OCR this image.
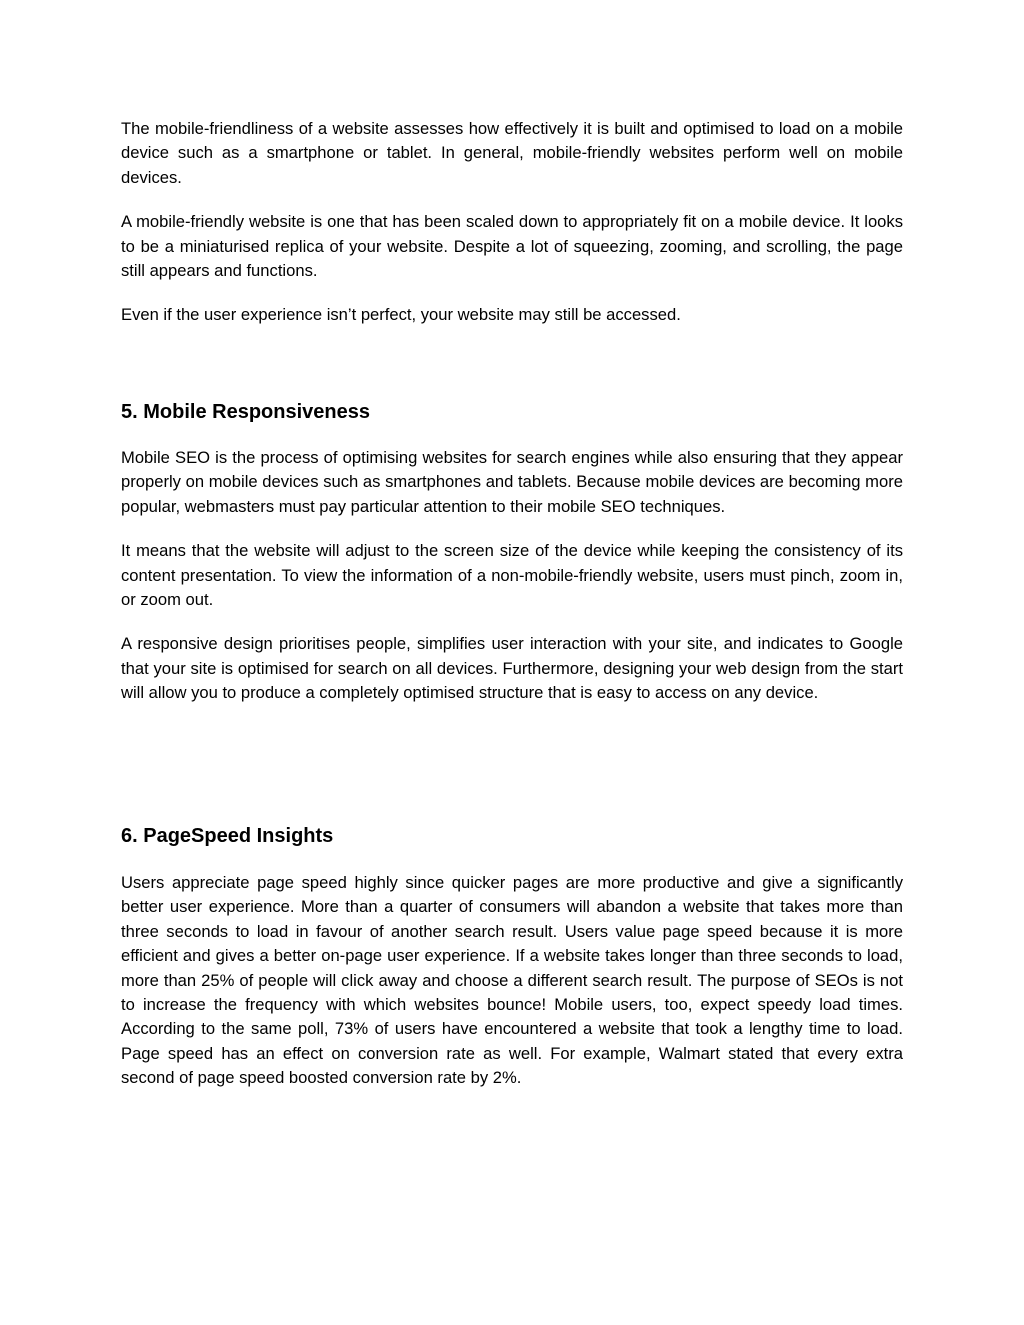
The mobile-friendliness of a website assesses how effectively it is built and optimised to load on a mobile device such as a smartphone or tablet. In general, mobile-friendly websites perform well on mobile devices.

A mobile-friendly website is one that has been scaled down to appropriately fit on a mobile device. It looks to be a miniaturised replica of your website. Despite a lot of squeezing, zooming, and scrolling, the page still appears and functions.

Even if the user experience isn’t perfect, your website may still be accessed.

5. Mobile Responsiveness

Mobile SEO is the process of optimising websites for search engines while also ensuring that they appear properly on mobile devices such as smartphones and tablets. Because mobile devices are becoming more popular, webmasters must pay particular attention to their mobile SEO techniques.

It means that the website will adjust to the screen size of the device while keeping the consistency of its content presentation. To view the information of a non-mobile-friendly website, users must pinch, zoom in, or zoom out.

A responsive design prioritises people, simplifies user interaction with your site, and indicates to Google that your site is optimised for search on all devices. Furthermore, designing your web design from the start will allow you to produce a completely optimised structure that is easy to access on any device.

6. PageSpeed Insights

Users appreciate page speed highly since quicker pages are more productive and give a significantly better user experience. More than a quarter of consumers will abandon a website that takes more than three seconds to load in favour of another search result. Users value page speed because it is more efficient and gives a better on-page user experience. If a website takes longer than three seconds to load, more than 25% of people will click away and choose a different search result. The purpose of SEOs is not to increase the frequency with which websites bounce! Mobile users, too, expect speedy load times. According to the same poll, 73% of users have encountered a website that took a lengthy time to load. Page speed has an effect on conversion rate as well. For example, Walmart stated that every extra second of page speed boosted conversion rate by 2%.
